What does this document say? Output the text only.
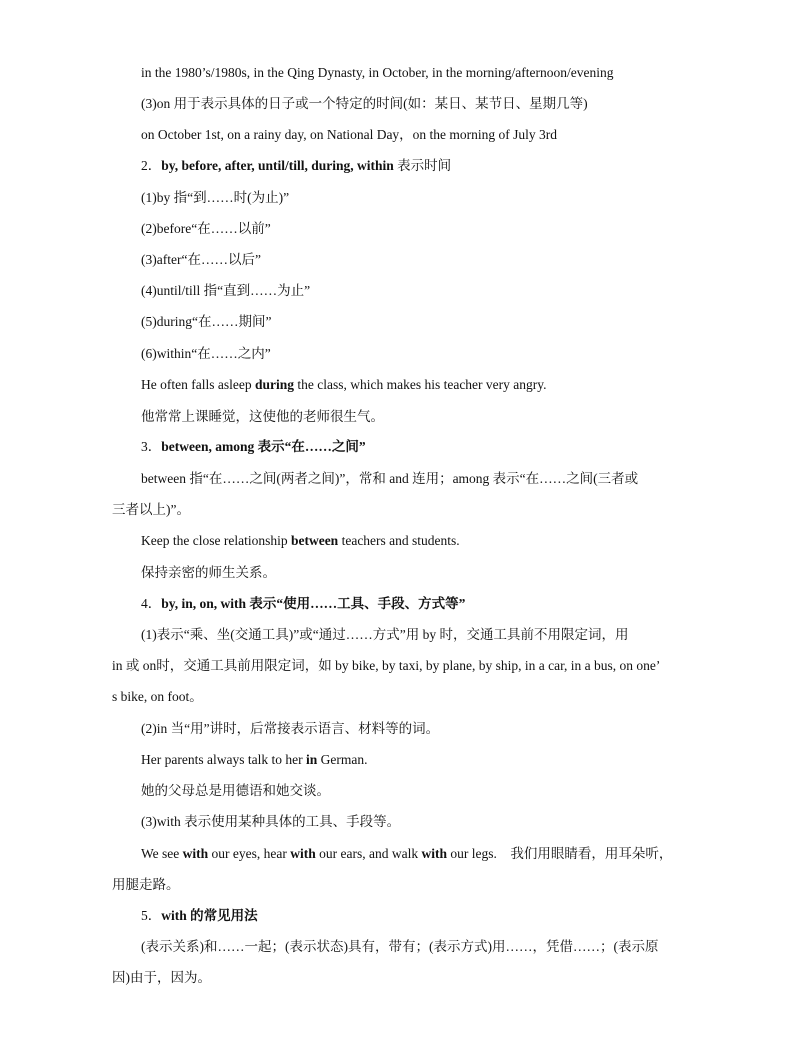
in the 1980’s/1980s, in the Qing Dynasty, in October, in the morning/afternoon/evening
(3)on 用于表示具体的日子或一个特定的时间(如：某日、某节日、星期几等)
on October 1st, on a rainy day, on National Day，on the morning of July 3rd
2．by, before, after, until/till, during, within 表示时间
(1)by 指“到……时(为止)”
(2)before“在……以前”
(3)after“在……以后”
(4)until/till 指“直到……为止”
(5)during“在……期间”
(6)within“在……之内”
He often falls asleep during the class, which makes his teacher very angry.
他常常上课睡觉，这使他的老师很生气。
3．between, among 表示“在……之间”
between 指“在……之间(两者之间)”，常和 and 连用；among 表示“在……之间(三者或
三者以上)”。
Keep the close relationship between teachers and students.
保持亲密的师生关系。
4．by, in, on, with 表示“使用……工具、手段、方式等”
(1)表示“乘、坐(交通工具)”或“通过……方式”用 by 时，交通工具前不用限定词，用
in 或 on时，交通工具前用限定词，如 by bike, by taxi, by plane, by ship, in a car, in a bus, on one’
s bike, on foot。
(2)in 当“用”讲时，后常接表示语言、材料等的词。
Her parents always talk to her in German.
她的父母总是用德语和她交谈。
(3)with 表示使用某种具体的工具、手段等。
We see with our eyes, hear with our ears, and walk with our legs.　我们用眼睛看，用耳朵听，
用腿走路。
5．with 的常见用法
(表示关系)和……一起；(表示状态)具有，带有；(表示方式)用……，凭借……；(表示原
因)由于，因为。
